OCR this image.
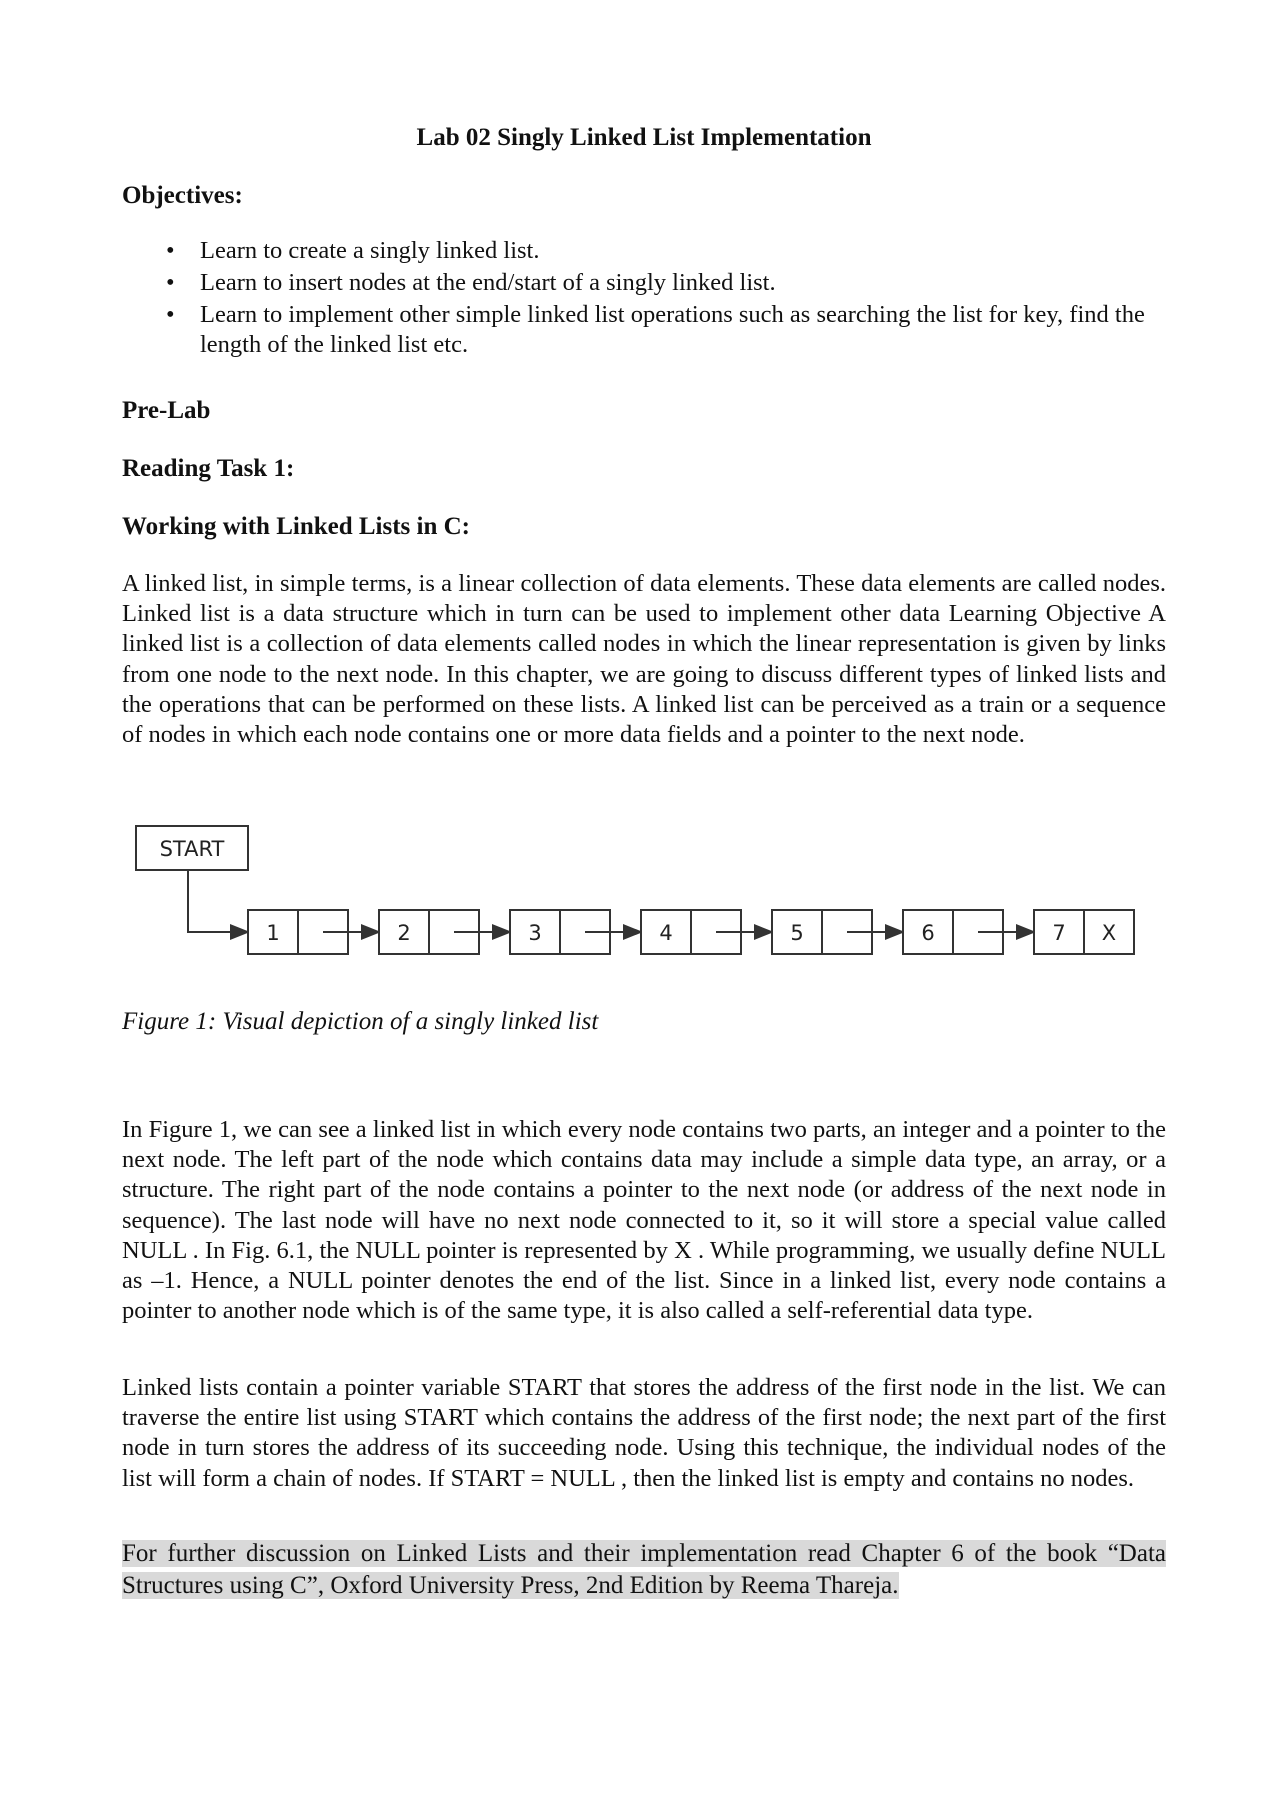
Lab 02 Singly Linked List Implementation
Objectives:
• Learn to create a singly linked list.
• Learn to insert nodes at the end/start of a singly linked list.
• Learn to implement other simple linked list operations such as searching the list for key, find the length of the linked list etc.
Pre-Lab
Reading Task 1:
Working with Linked Lists in C:

A linked list, in simple terms, is a linear collection of data elements. These data elements are called nodes. Linked list is a data structure which in turn can be used to implement other data Learning Objective A linked list is a collection of data elements called nodes in which the linear representation is given by links from one node to the next node. In this chapter, we are going to discuss different types of linked lists and the operations that can be performed on these lists. A linked list can be perceived as a train or a sequence of nodes in which each node contains one or more data fields and a pointer to the next node.

Figure 1: Visual depiction of a singly linked list

In Figure 1, we can see a linked list in which every node contains two parts, an integer and a pointer to the next node. The left part of the node which contains data may include a simple data type, an array, or a structure. The right part of the node contains a pointer to the next node (or address of the next node in sequence). The last node will have no next node connected to it, so it will store a special value called NULL . In Fig. 6.1, the NULL pointer is represented by X . While programming, we usually define NULL as –1. Hence, a NULL pointer denotes the end of the list. Since in a linked list, every node contains a pointer to another node which is of the same type, it is also called a self-referential data type.

Linked lists contain a pointer variable START that stores the address of the first node in the list. We can traverse the entire list using START which contains the address of the first node; the next part of the first node in turn stores the address of its succeeding node. Using this technique, the individual nodes of the list will form a chain of nodes. If START = NULL , then the linked list is empty and contains no nodes.

For further discussion on Linked Lists and their implementation read Chapter 6 of the book “Data Structures using C”, Oxford University Press, 2nd Edition by Reema Thareja.

START
1	2	3	4	5	6	7 X
